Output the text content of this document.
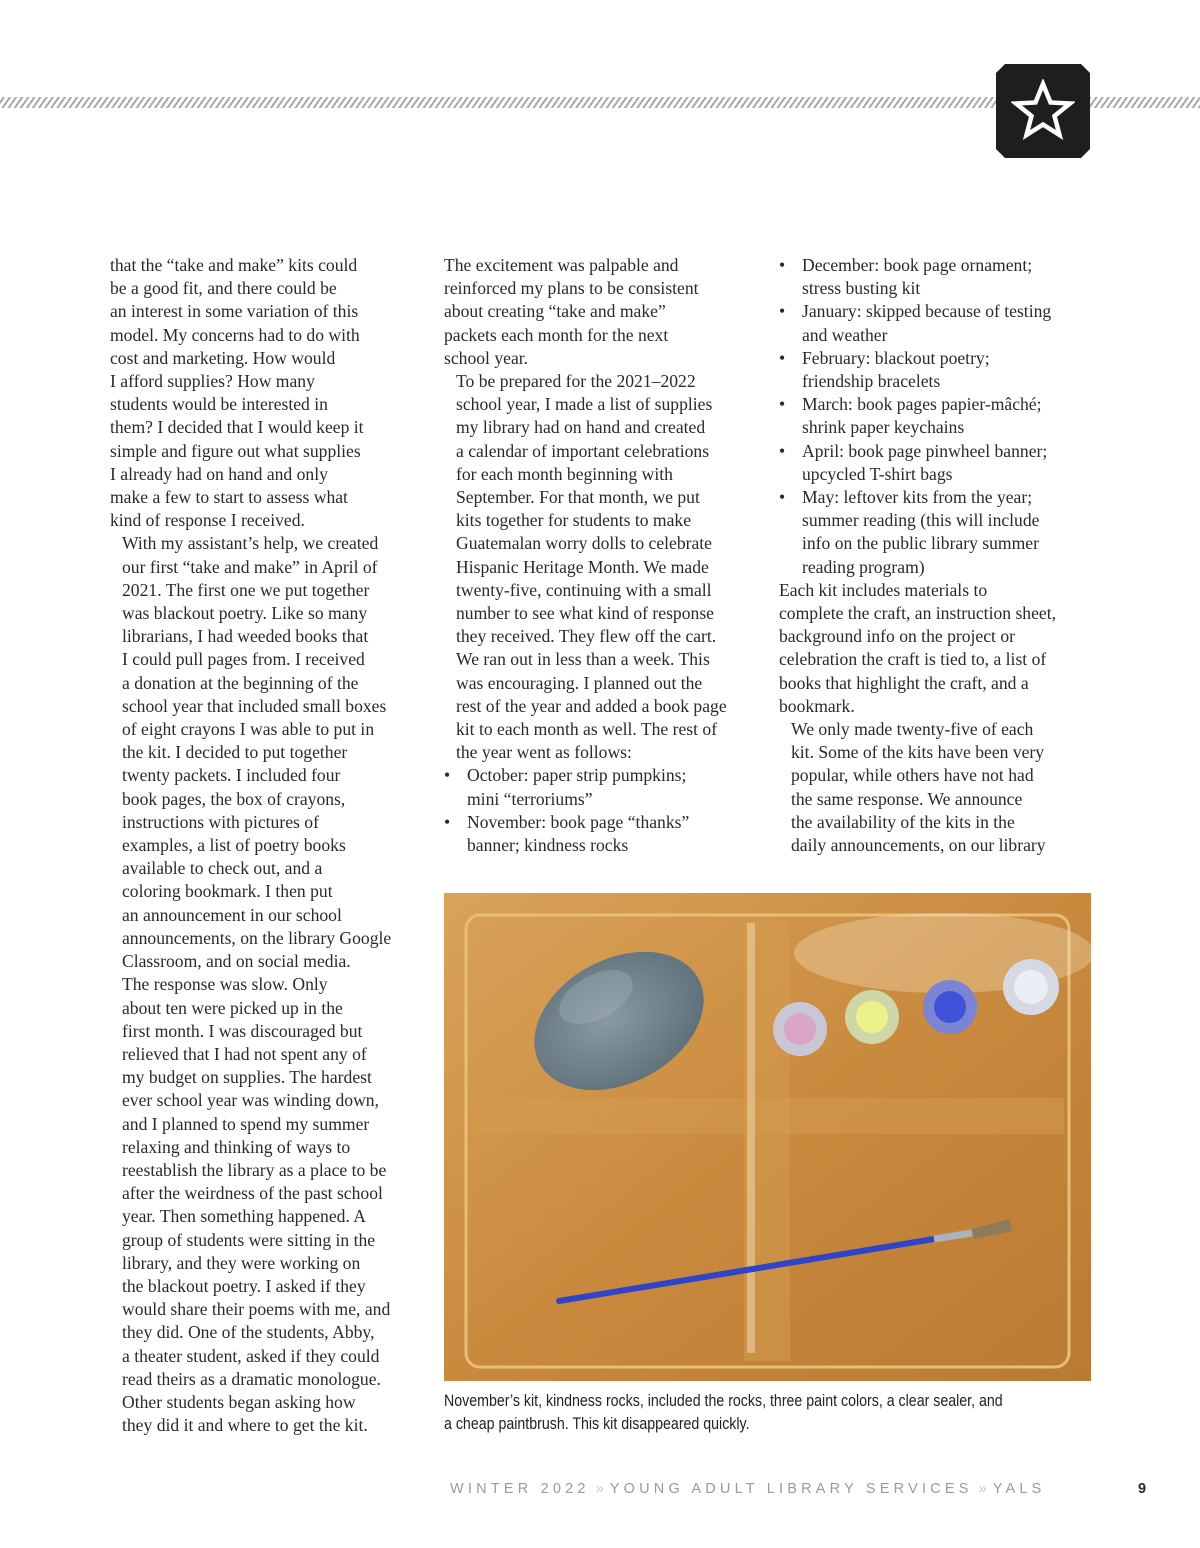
that the “take and make” kits could
be a good fit, and there could be
an interest in some variation of this
model. My concerns had to do with
cost and marketing. How would
I afford supplies? How many
students would be interested in
them? I decided that I would keep it
simple and figure out what supplies
I already had on hand and only
make a few to start to assess what
kind of response I received.

With my assistant’s help, we created
our first “take and make” in April of
2021. The first one we put together
was blackout poetry. Like so many
librarians, I had weeded books that
I could pull pages from. I received
a donation at the beginning of the
school year that included small boxes
of eight crayons I was able to put in
the kit. I decided to put together
twenty packets. I included four
book pages, the box of crayons,
instructions with pictures of
examples, a list of poetry books
available to check out, and a
coloring bookmark. I then put
an announcement in our school
announcements, on the library Google
Classroom, and on social media.

The response was slow. Only
about ten were picked up in the
first month. I was discouraged but
relieved that I had not spent any of
my budget on supplies. The hardest
ever school year was winding down,
and I planned to spend my summer
relaxing and thinking of ways to
reestablish the library as a place to be
after the weirdness of the past school
year. Then something happened. A
group of students were sitting in the
library, and they were working on
the blackout poetry. I asked if they
would share their poems with me, and
they did. One of the students, Abby,
a theater student, asked if they could
read theirs as a dramatic monologue.
Other students began asking how
they did it and where to get the kit.

The excitement was palpable and
reinforced my plans to be consistent
about creating “take and make”
packets each month for the next
school year.

To be prepared for the 2021–2022
school year, I made a list of supplies
my library had on hand and created
a calendar of important celebrations
for each month beginning with
September. For that month, we put
kits together for students to make
Guatemalan worry dolls to celebrate
Hispanic Heritage Month. We made
twenty-five, continuing with a small
number to see what kind of response
they received. They flew off the cart.
We ran out in less than a week. This
was encouraging. I planned out the
rest of the year and added a book page
kit to each month as well. The rest of
the year went as follows:

• October: paper strip pumpkins;
mini “terroriums”
• November: book page “thanks”
banner; kindness rocks
• December: book page ornament;
stress busting kit
• January: skipped because of testing
and weather
• February: blackout poetry;
friendship bracelets
• March: book pages papier-mâché;
shrink paper keychains
• April: book page pinwheel banner;
upcycled T-shirt bags
• May: leftover kits from the year;
summer reading (this will include
info on the public library summer
reading program)

Each kit includes materials to
complete the craft, an instruction sheet,
background info on the project or
celebration the craft is tied to, a list of
books that highlight the craft, and a
bookmark.

We only made twenty-five of each
kit. Some of the kits have been very
popular, while others have not had
the same response. We announce
the availability of the kits in the
daily announcements, on our library

November’s kit, kindness rocks, included the rocks, three paint colors, a clear sealer, and
a cheap paintbrush. This kit disappeared quickly.
WINTER 2022 » YOUNG ADULT LIBRARY SERVICES » YALS	9
